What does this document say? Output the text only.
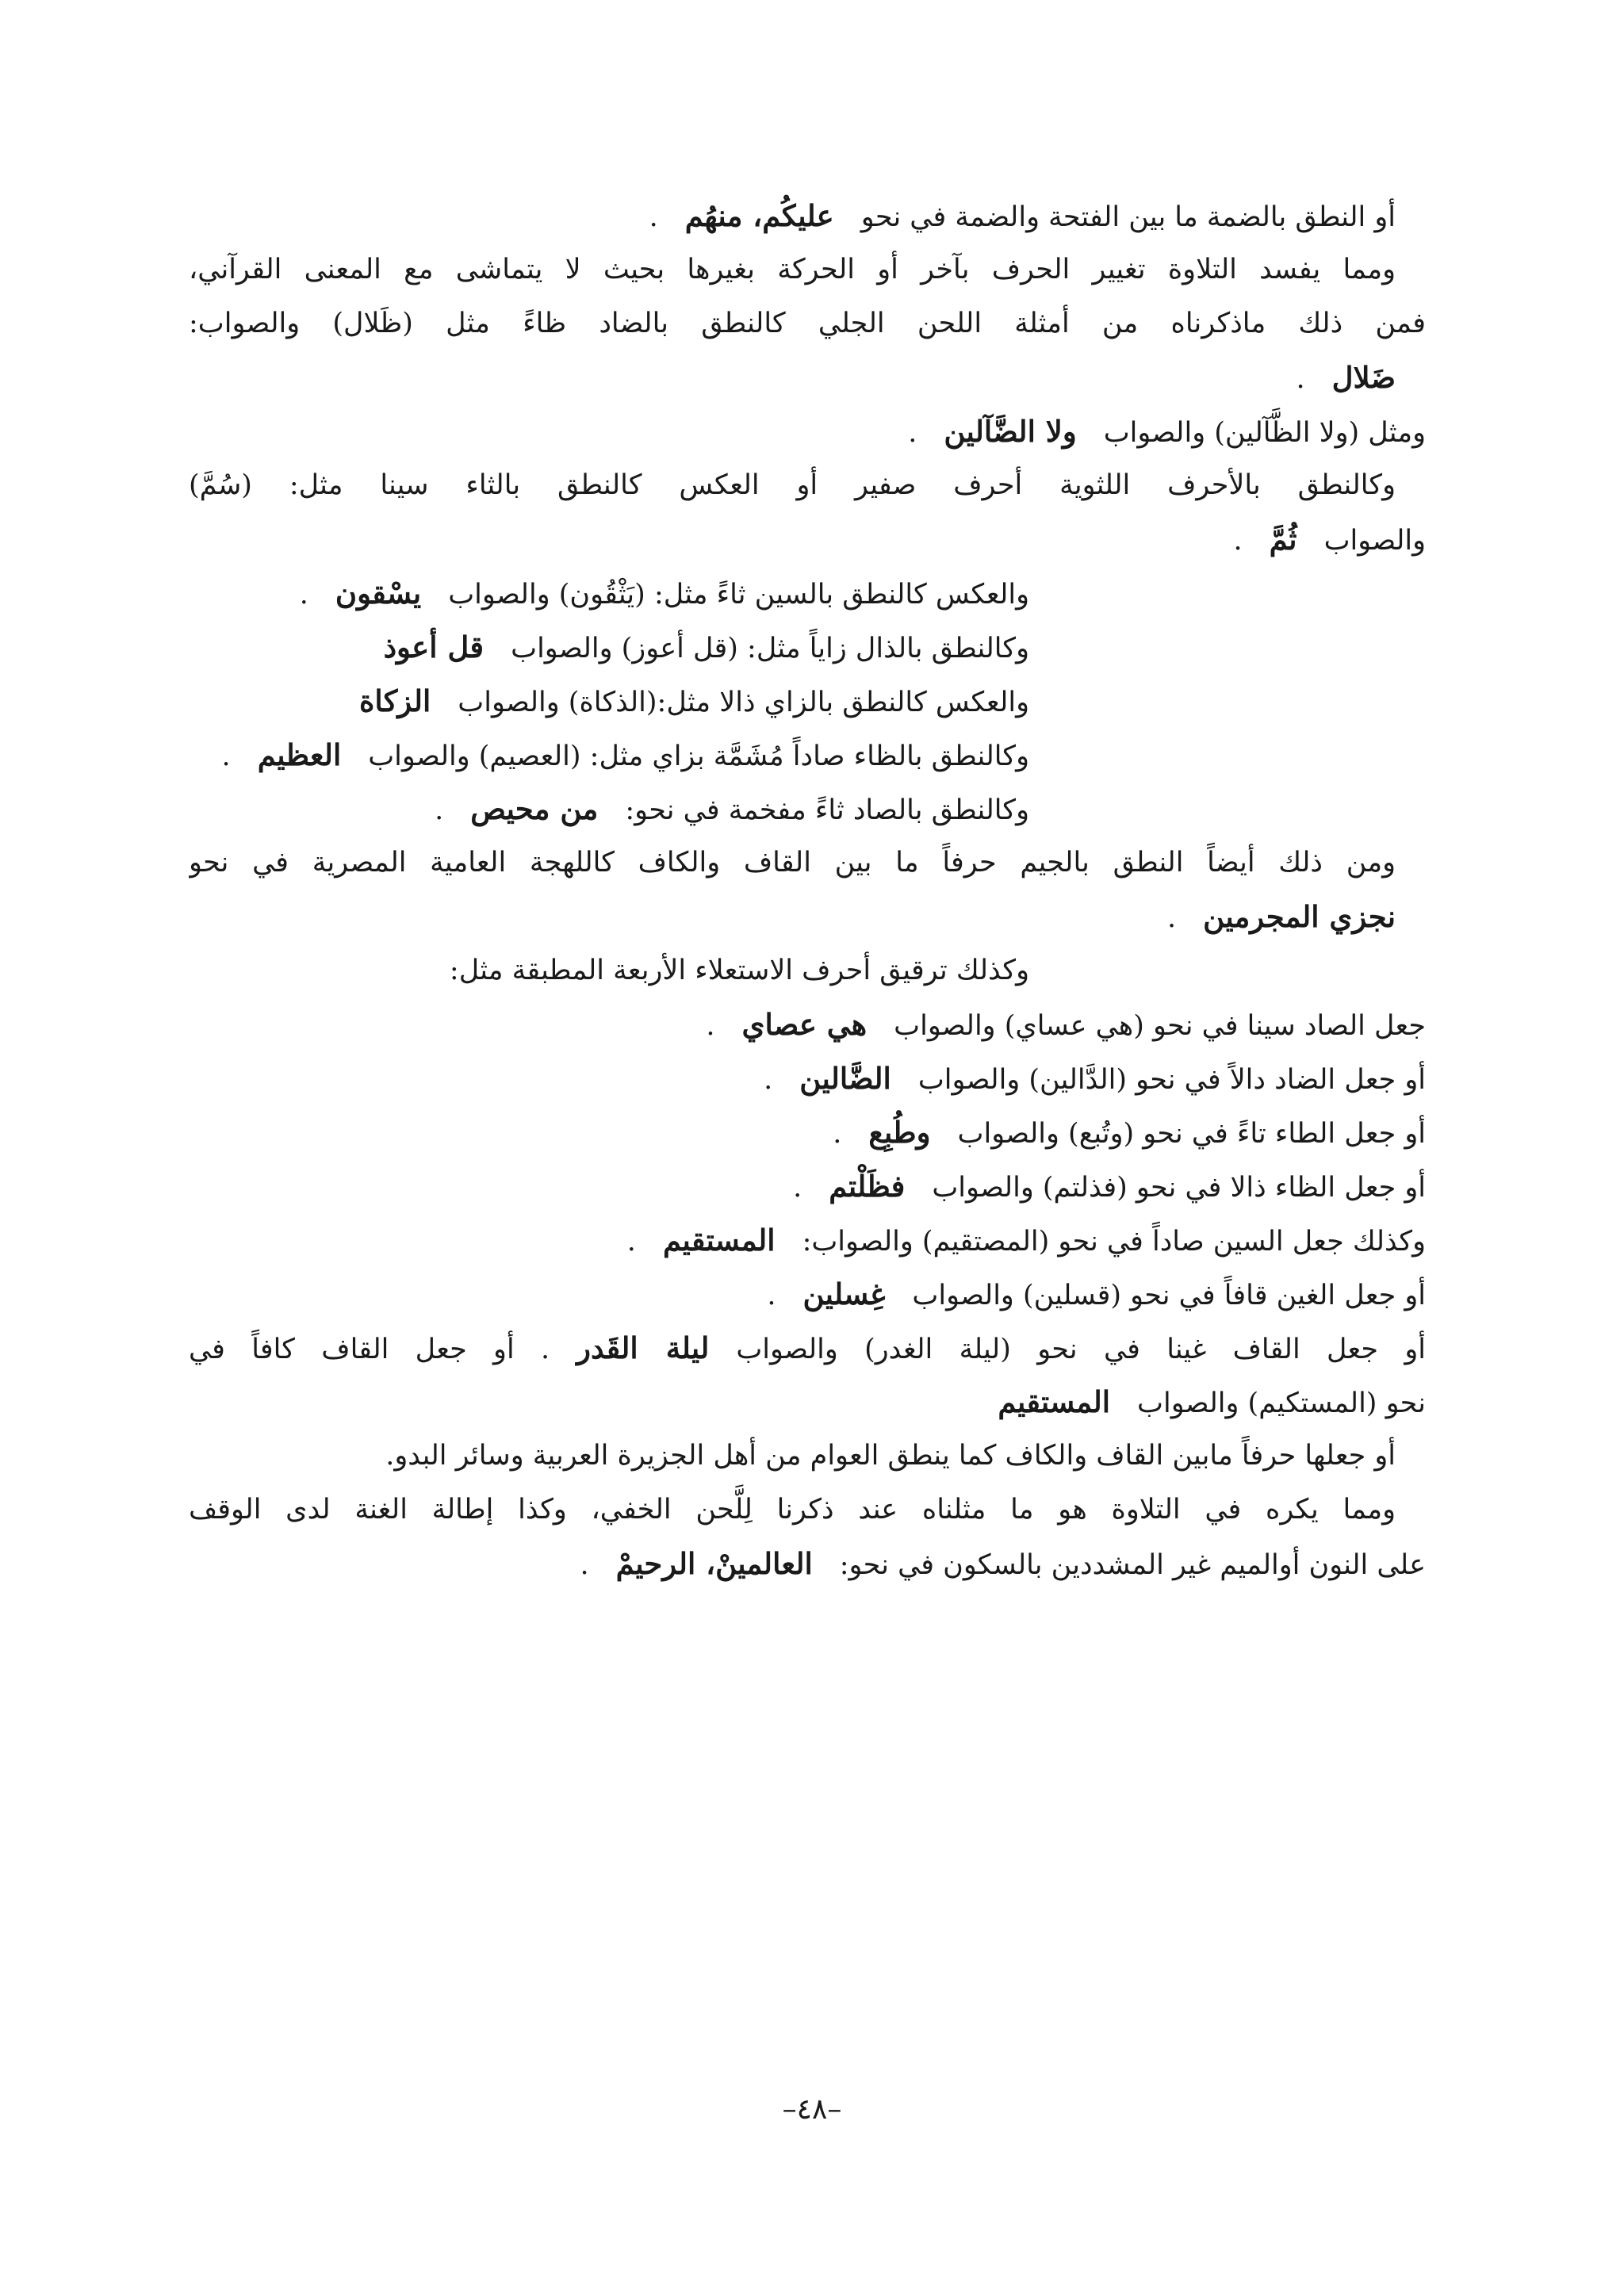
أو النطق بالضمة ما بين الفتحة والضمة في نحوعليكُم، منهُم.
ومما يفسد التلاوة تغيير الحرف بآخر أو الحركة بغيرها بحيث لا يتماشى مع المعنى القرآني،
فمن ذلك ماذكرناه من أمثلة اللحن الجلي كالنطق بالضاد ظاءً مثل (ظَلال) والصواب:
ضَلال.
ومثل (ولا الظَّآلين) والصوابولا الضَّآلين.
وكالنطق بالأحرف اللثوية أحرف صفير أو العكس كالنطق بالثاء سينا مثل: (سُمَّ)
والصوابثُمَّ.
والعكس كالنطق بالسين ثاءً مثل: (يَثْقُون) والصوابيسْقون.
وكالنطق بالذال زاياً مثل: (قل أعوز) والصوابقل أعوذ
والعكس كالنطق بالزاي ذالا مثل:(الذكاة) والصوابالزكاة
وكالنطق بالظاء صاداً مُشَمَّة بزاي مثل: (العصيم) والصوابالعظيم.
وكالنطق بالصاد ثاءً مفخمة في نحو:من محيص.
ومن ذلك أيضاً النطق بالجيم حرفاً ما بين القاف والكاف كاللهجة العامية المصرية في نحو
نجزي المجرمين.
وكذلك ترقيق أحرف الاستعلاء الأربعة المطبقة مثل:
جعل الصاد سينا في نحو (هي عساي) والصوابهي عصاي.
أو جعل الضاد دالاً في نحو (الدَّالين) والصوابالضَّالين.
أو جعل الطاء تاءً في نحو (وتُبع) والصوابوطُبِع.
أو جعل الظاء ذالا في نحو (فذلتم) والصوابفظَلْتم.
وكذلك جعل السين صاداً في نحو (المصتقيم) والصواب:المستقيم.
أو جعل الغين قافاً في نحو (قسلين) والصوابغِسلين.
أو جعل القاف غينا في نحو (ليلة الغدر) والصوابليلة القَدر. أو جعل القاف كافاً في
نحو (المستكيم) والصوابالمستقيم
أو جعلها حرفاً مابين القاف والكاف كما ينطق العوام من أهل الجزيرة العربية وسائر البدو.
ومما يكره في التلاوة هو ما مثلناه عند ذكرنا لِلَّحن الخفي، وكذا إطالة الغنة لدى الوقف
على النون أوالميم غير المشددين بالسكون في نحو:العالمينْ، الرحيمْ.
–٤٨–
